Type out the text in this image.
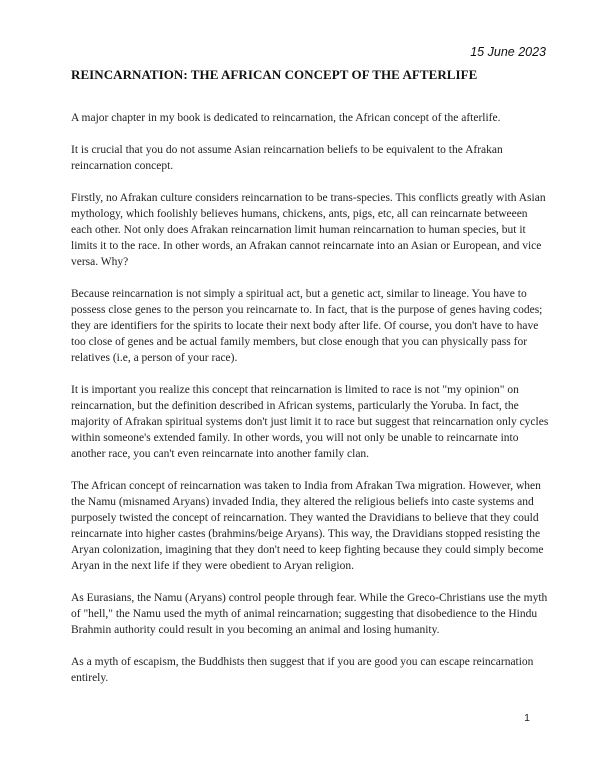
15 June 2023
REINCARNATION: THE AFRICAN CONCEPT OF THE AFTERLIFE

A major chapter in my book is dedicated to reincarnation, the African concept of the afterlife.

It is crucial that you do not assume Asian reincarnation beliefs to be equivalent to the Afrakan reincarnation concept.

Firstly, no Afrakan culture considers reincarnation to be trans-species. This conflicts greatly with Asian mythology, which foolishly believes humans, chickens, ants, pigs, etc, all can reincarnate betweeen each other. Not only does Afrakan reincarnation limit human reincarnation to human species, but it limits it to the race. In other words, an Afrakan cannot reincarnate into an Asian or European, and vice versa. Why?

Because reincarnation is not simply a spiritual act, but a genetic act, similar to lineage. You have to possess close genes to the person you reincarnate to. In fact, that is the purpose of genes having codes; they are identifiers for the spirits to locate their next body after life. Of course, you don't have to have too close of genes and be actual family members, but close enough that you can physically pass for relatives (i.e, a person of your race).

It is important you realize this concept that reincarnation is limited to race is not "my opinion" on reincarnation, but the definition described in African systems, particularly the Yoruba. In fact, the majority of Afrakan spiritual systems don't just limit it to race but suggest that reincarnation only cycles within someone's extended family. In other words, you will not only be unable to reincarnate into another race, you can't even reincarnate into another family clan.

The African concept of reincarnation was taken to India from Afrakan Twa migration. However, when the Namu (misnamed Aryans) invaded India, they altered the religious beliefs into caste systems and purposely twisted the concept of reincarnation. They wanted the Dravidians to believe that they could reincarnate into higher castes (brahmins/beige Aryans). This way, the Dravidians stopped resisting the Aryan colonization, imagining that they don't need to keep fighting because they could simply become Aryan in the next life if they were obedient to Aryan religion.

As Eurasians, the Namu (Aryans) control people through fear. While the Greco-Christians use the myth of "hell," the Namu used the myth of animal reincarnation; suggesting that disobedience to the Hindu Brahmin authority could result in you becoming an animal and losing humanity.

As a myth of escapism, the Buddhists then suggest that if you are good you can escape reincarnation entirely.

1
